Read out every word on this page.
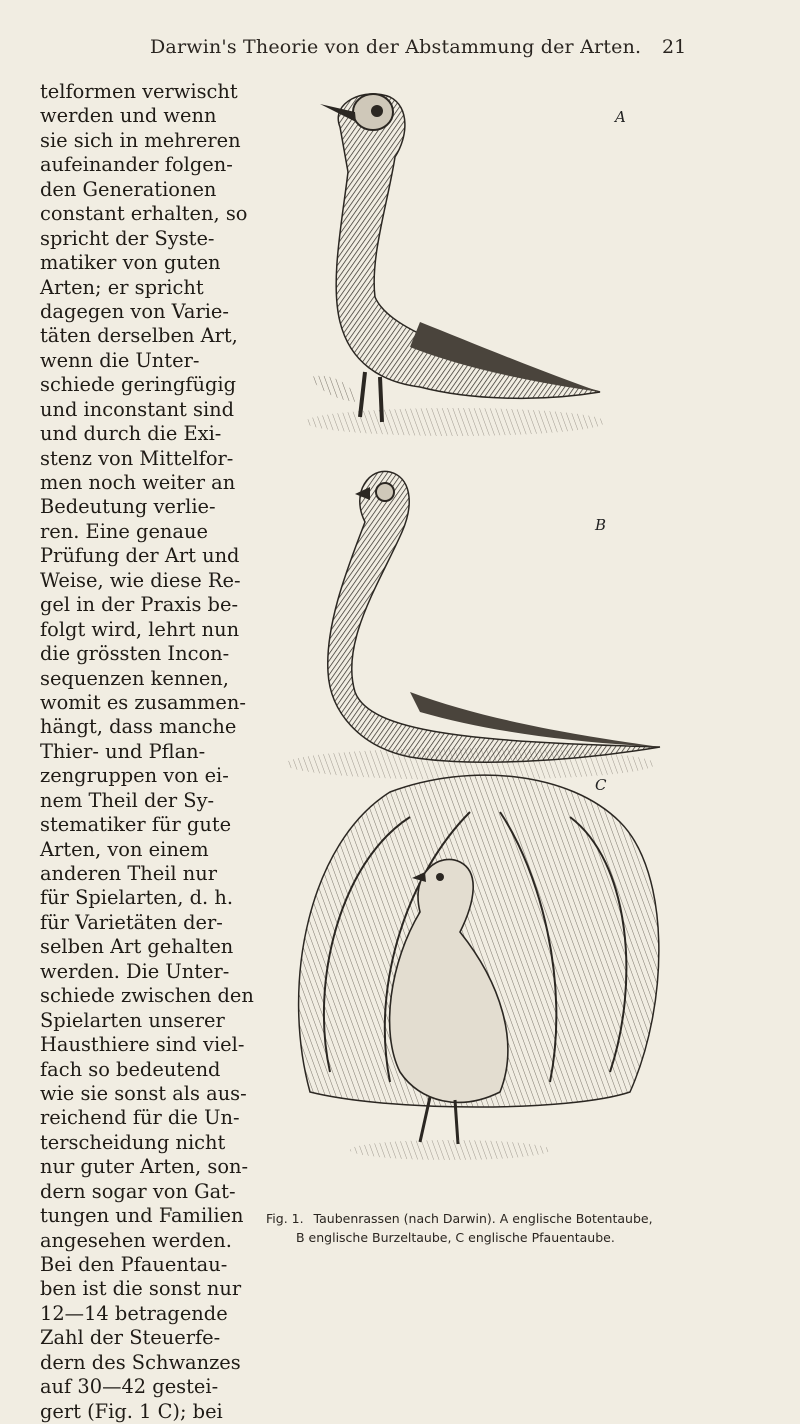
Darwin's Theorie von der Abstammung der Arten. 21
telformen verwischt
werden und wenn
sie sich in mehreren
aufeinander folgen-
den Generationen
constant erhalten, so
spricht der Syste-
matiker von guten
Arten; er spricht
dagegen von Varie-
täten derselben Art,
wenn die Unter-
schiede geringfügig
und inconstant sind
und durch die Exi-
stenz von Mittelfor-
men noch weiter an
Bedeutung verlie-
ren. Eine genaue
Prüfung der Art und
Weise, wie diese Re-
gel in der Praxis be-
folgt wird, lehrt nun
die grössten Incon-
sequenzen kennen,
womit es zusammen-
hängt, dass manche
Thier- und Pflan-
zengruppen von ei-
nem Theil der Sy-
stematiker für gute
Arten, von einem
anderen Theil nur
für Spielarten, d. h.
für Varietäten der-
selben Art gehalten
werden. Die Unter-
schiede zwischen den
Spielarten unserer
Hausthiere sind viel-
fach so bedeutend
wie sie sonst als aus-
reichend für die Un-
terscheidung nicht
nur guter Arten, son-
dern sogar von Gat-
tungen und Familien
angesehen werden.
Bei den Pfauentau-
ben ist die sonst nur
12—14 betragende
Zahl der Steuerfe-
dern des Schwanzes
auf 30—42 gestei-
gert (Fig. 1 C); bei
A
B
C
Fig. 1. Taubenrassen (nach Darwin). A englische Botentaube,
B englische Burzeltaube, C englische Pfauentaube.
